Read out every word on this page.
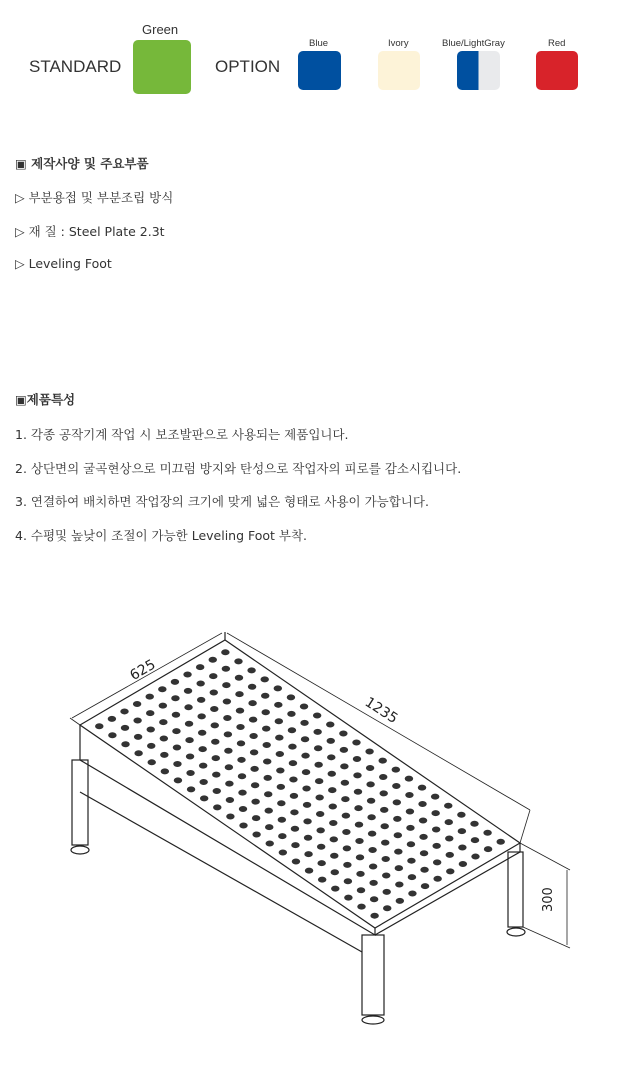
STANDARD
Green
OPTION
Blue	Ivory	Blue/LightGray	Red
▣ 제작사양 및 주요부품
▷ 부분용접 및 부분조립 방식
▷ 재 질 : Steel Plate 2.3t
▷ Leveling Foot
▣제품특성
1. 각종 공작기계 작업 시 보조발판으로 사용되는 제품입니다.
2. 상단면의 굴곡현상으로 미끄럼 방지와 탄성으로 작업자의 피로를 감소시킵니다.
3. 연결하여 배치하면 작업장의 크기에 맞게 넓은 형태로 사용이 가능합니다.
4. 수평및 높낮이 조절이 가능한 Leveling Foot 부착.
625
1235
300
